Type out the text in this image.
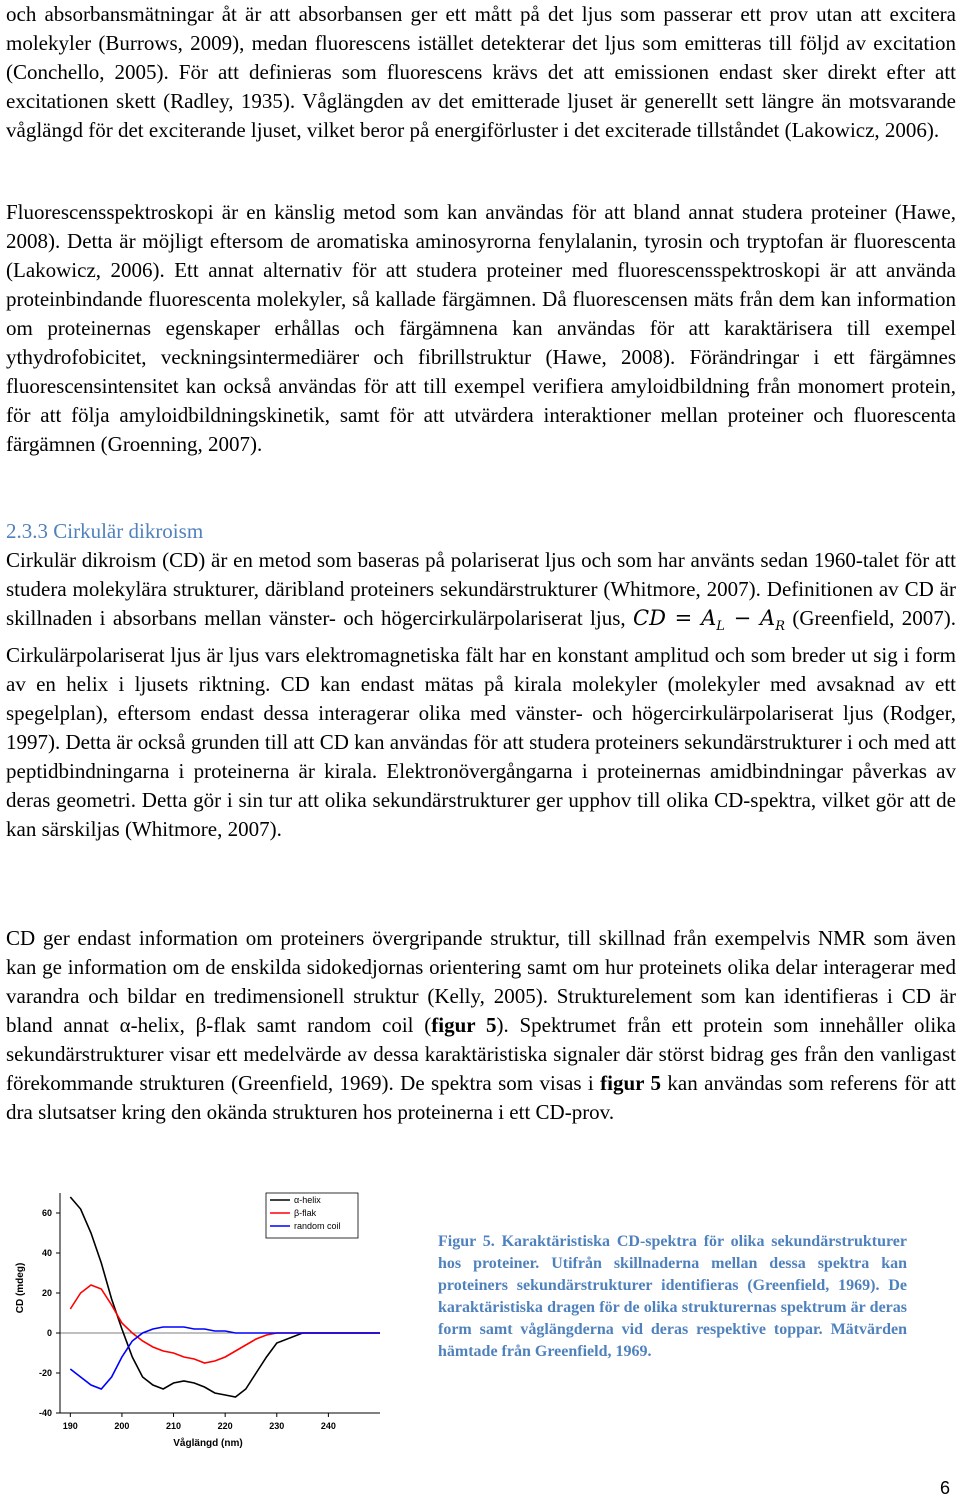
och absorbansmätningar åt är att absorbansen ger ett mått på det ljus som passerar ett prov utan att excitera molekyler (Burrows, 2009), medan fluorescens istället detekterar det ljus som emitteras till följd av excitation (Conchello, 2005). För att definieras som fluorescens krävs det att emissionen endast sker direkt efter att excitationen skett (Radley, 1935). Våglängden av det emitterade ljuset är generellt sett längre än motsvarande våglängd för det exciterande ljuset, vilket beror på energiförluster i det exciterade tillståndet (Lakowicz, 2006).
Fluorescensspektroskopi är en känslig metod som kan användas för att bland annat studera proteiner (Hawe, 2008). Detta är möjligt eftersom de aromatiska aminosyrorna fenylalanin, tyrosin och tryptofan är fluorescenta (Lakowicz, 2006). Ett annat alternativ för att studera proteiner med fluorescensspektroskopi är att använda proteinbindande fluorescenta molekyler, så kallade färgämnen. Då fluorescensen mäts från dem kan information om proteinernas egenskaper erhållas och färgämnena kan användas för att karaktärisera till exempel ythydrofobicitet, veckningsintermediärer och fibrillstruktur (Hawe, 2008). Förändringar i ett färgämnes fluorescensintensitet kan också användas för att till exempel verifiera amyloidbildning från monomert protein, för att följa amyloidbildningskinetik, samt för att utvärdera interaktioner mellan proteiner och fluorescenta färgämnen (Groenning, 2007).
2.3.3 Cirkulär dikroism
Cirkulär dikroism (CD) är en metod som baseras på polariserat ljus och som har använts sedan 1960-talet för att studera molekylära strukturer, däribland proteiners sekundärstrukturer (Whitmore, 2007). Definitionen av CD är skillnaden i absorbans mellan vänster- och högercirkulärpolariserat ljus, CD = $A_L - A_R$ (Greenfield, 2007). Cirkulärpolariserat ljus är ljus vars elektromagnetiska fält har en konstant amplitud och som breder ut sig i form av en helix i ljusets riktning. CD kan endast mätas på kirala molekyler (molekyler med avsaknad av ett spegelplan), eftersom endast dessa interagerar olika med vänster- och högercirkulärpolariserat ljus (Rodger, 1997). Detta är också grunden till att CD kan användas för att studera proteiners sekundärstrukturer i och med att peptidbindningarna i proteinerna är kirala. Elektronövergångarna i proteinernas amidbindningar påverkas av deras geometri. Detta gör i sin tur att olika sekundärstrukturer ger upphov till olika CD-spektra, vilket gör att de kan särskiljas (Whitmore, 2007).
CD ger endast information om proteiners övergripande struktur, till skillnad från exempelvis NMR som även kan ge information om de enskilda sidokedjornas orientering samt om hur proteinets olika delar interagerar med varandra och bildar en tredimensionell struktur (Kelly, 2005). Strukturelement som kan identifieras i CD är bland annat α-helix, β-flak samt random coil (figur 5). Spektrumet från ett protein som innehåller olika sekundärstrukturer visar ett medelvärde av dessa karaktäristiska signaler där störst bidrag ges från den vanligast förekommande strukturen (Greenfield, 1969). De spektra som visas i figur 5 kan användas som referens för att dra slutsatser kring den okända strukturen hos proteinerna i ett CD-prov.
-40
-20
0
20
40
60
190	200	210	220	230	240
α-helix
β-flak
random coil
CD (mdeg)
Våglängd (nm)
Figur 5. Karaktäristiska CD-spektra för olika sekundärstrukturer hos proteiner. Utifrån skillnaderna mellan dessa spektra kan proteiners sekundärstrukturer identifieras (Greenfield, 1969). De karaktäristiska dragen för de olika strukturernas spektrum är deras form samt våglängderna vid deras respektive toppar. Mätvärden hämtade från Greenfield, 1969.
6
